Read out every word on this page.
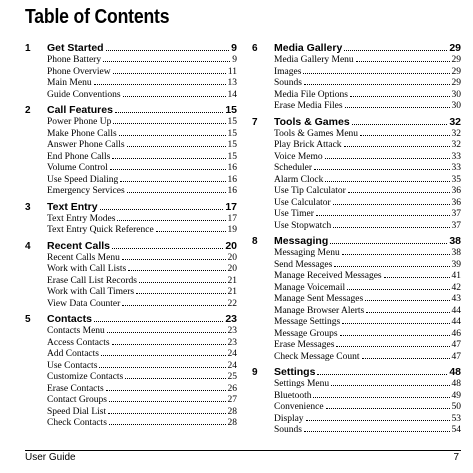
Table of Contents
1	Get Started	9
Phone Battery	9
Phone Overview	11
Main Menu	13
Guide Conventions	14
2	Call Features	15
Power Phone Up	15
Make Phone Calls	15
Answer Phone Calls	15
End Phone Calls	15
Volume Control	16
Use Speed Dialing	16
Emergency Services	16
3	Text Entry	17
Text Entry Modes	17
Text Entry Quick Reference	19
4	Recent Calls	20
Recent Calls Menu	20
Work with Call Lists	20
Erase Call List Records	21
Work with Call Timers	21
View Data Counter	22
5	Contacts	23
Contacts Menu	23
Access Contacts	23
Add Contacts	24
Use Contacts	24
Customize Contacts	25
Erase Contacts	26
Contact Groups	27
Speed Dial List	28
Check Contacts	28
6	Media Gallery	29
Media Gallery Menu	29
Images	29
Sounds	29
Media File Options	30
Erase Media Files	30
7	Tools & Games	32
Tools & Games Menu	32
Play Brick Attack	32
Voice Memo	33
Scheduler	33
Alarm Clock	35
Use Tip Calculator	36
Use Calculator	36
Use Timer	37
Use Stopwatch	37
8	Messaging	38
Messaging Menu	38
Send Messages	39
Manage Received Messages	41
Manage Voicemail	42
Manage Sent Messages	43
Manage Browser Alerts	44
Message Settings	44
Message Groups	46
Erase Messages	47
Check Message Count	47
9	Settings	48
Settings Menu	48
Bluetooth	49
Convenience	50
Display	53
Sounds	54
User Guide	7
